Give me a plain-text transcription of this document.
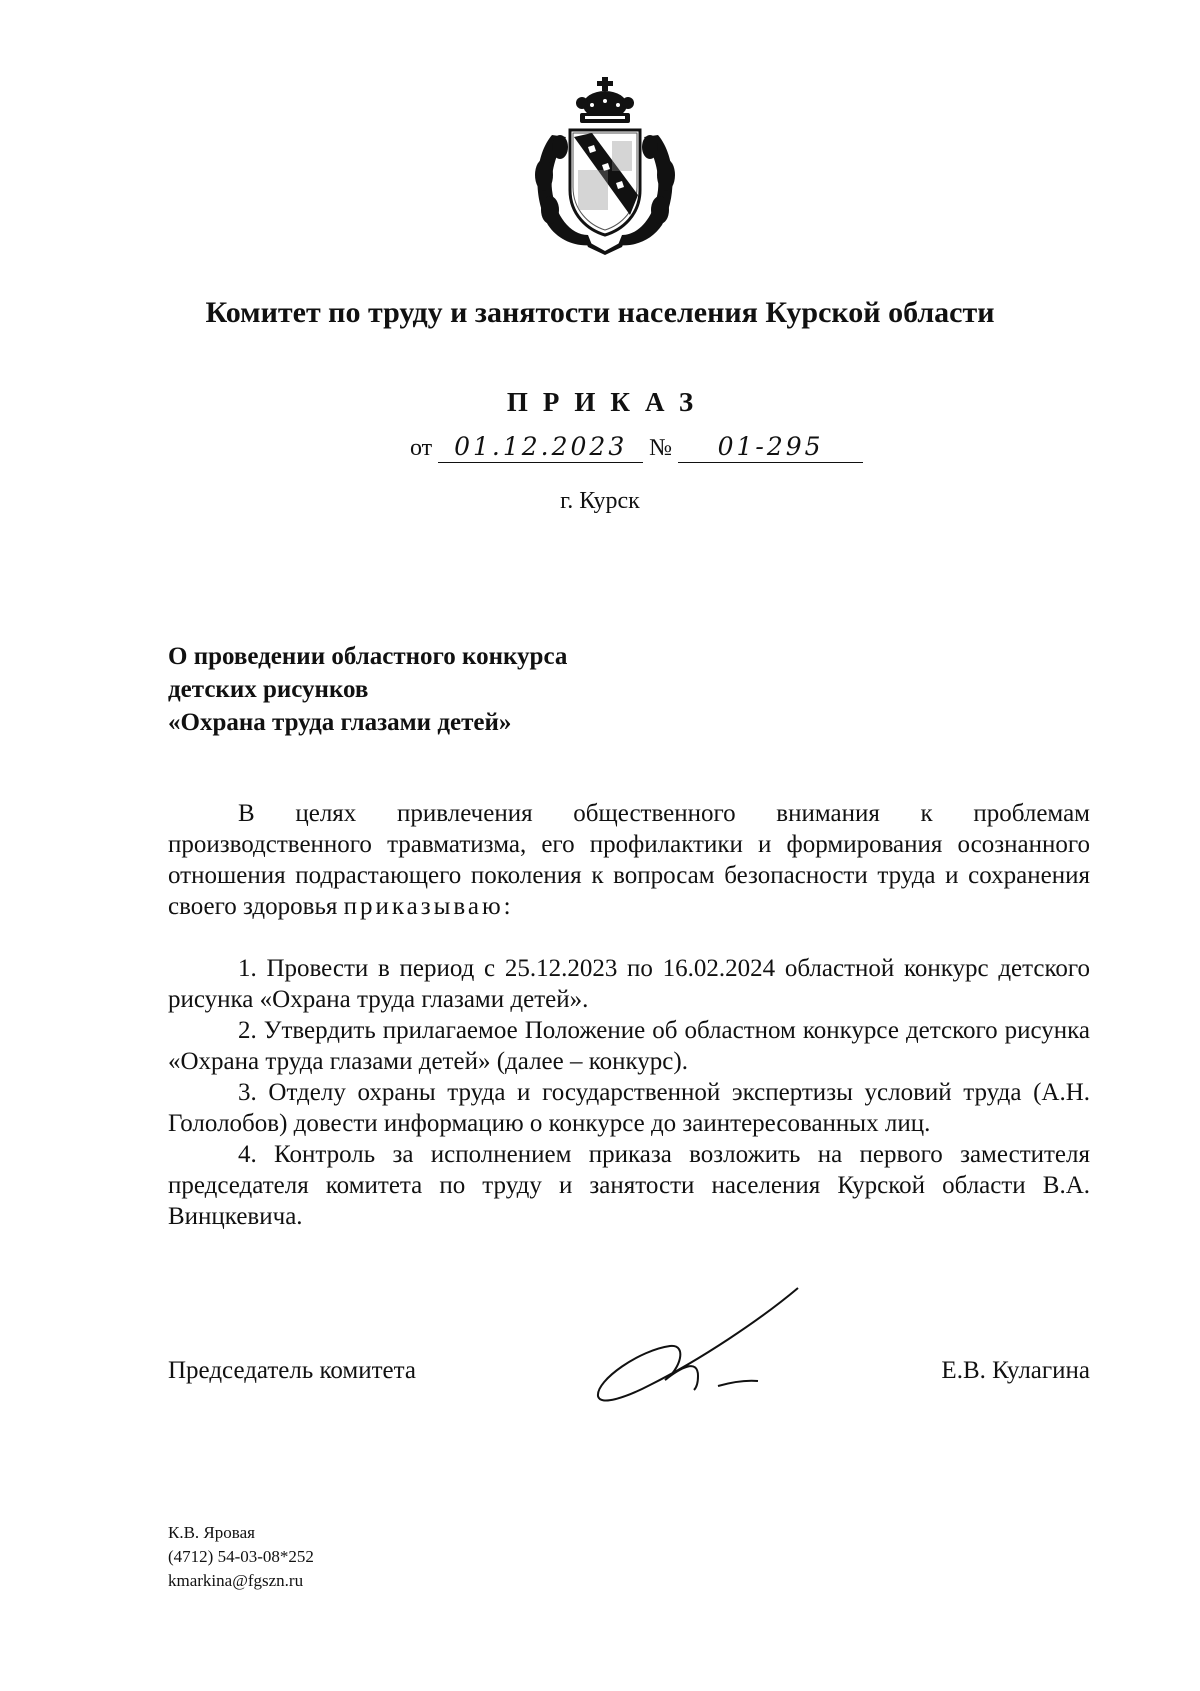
Комитет по труду и занятости населения Курской области
ПРИКАЗ
от 01.12.2023 № 01-295
г. Курск
О проведении областного конкурса
детских рисунков
«Охрана труда глазами детей»

В целях привлечения общественного внимания к проблемам производственного травматизма, его профилактики и формирования осознанного отношения подрастающего поколения к вопросам безопасности труда и сохранения своего здоровья приказываю:

1. Провести в период с 25.12.2023 по 16.02.2024 областной конкурс детского рисунка «Охрана труда глазами детей».

2. Утвердить прилагаемое Положение об областном конкурсе детского рисунка «Охрана труда глазами детей» (далее – конкурс).

3. Отделу охраны труда и государственной экспертизы условий труда (А.Н. Гололобов) довести информацию о конкурсе до заинтересованных лиц.

4. Контроль за исполнением приказа возложить на первого заместителя председателя комитета по труду и занятости населения Курской области В.А. Винцкевича.

Председатель комитета	Е.В. Кулагина
К.В. Яровая
(4712) 54-03-08*252
kmarkina@fgszn.ru
